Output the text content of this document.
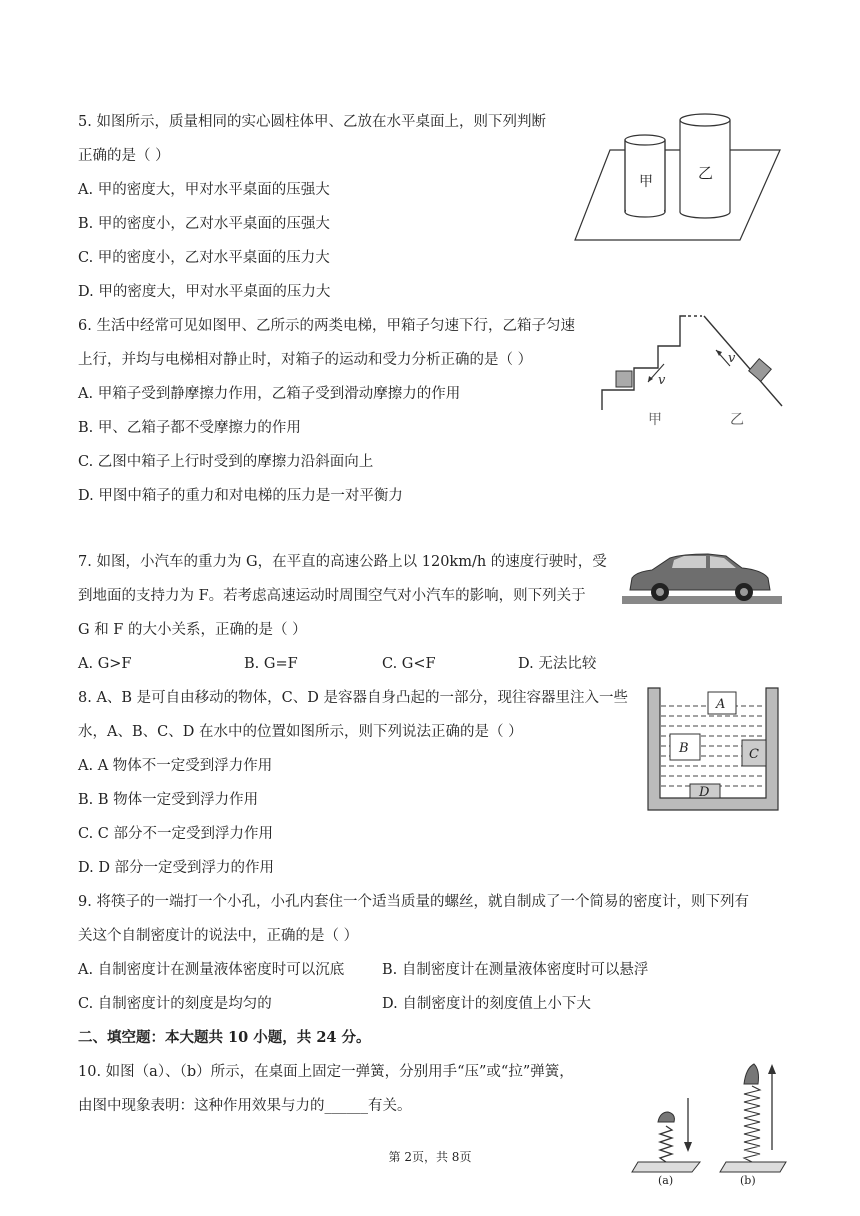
5. 如图所示，质量相同的实心圆柱体甲、乙放在水平桌面上，则下列判断
正确的是（ ）
A. 甲的密度大，甲对水平桌面的压强大
B. 甲的密度小，乙对水平桌面的压强大
C. 甲的密度小，乙对水平桌面的压力大
D. 甲的密度大，甲对水平桌面的压力大
甲	乙
6. 生活中经常可见如图甲、乙所示的两类电梯，甲箱子匀速下行，乙箱子匀速
上行，并均与电梯相对静止时，对箱子的运动和受力分析正确的是（ ）
A. 甲箱子受到静摩擦力作用，乙箱子受到滑动摩擦力的作用
B. 甲、乙箱子都不受摩擦力的作用
C. 乙图中箱子上行时受到的摩擦力沿斜面向上
D. 甲图中箱子的重力和对电梯的压力是一对平衡力
v
甲
v
乙
7. 如图，小汽车的重力为 G，在平直的高速公路上以 120km/h 的速度行驶时，受
到地面的支持力为 F。若考虑高速运动时周围空气对小汽车的影响，则下列关于
G 和 F 的大小关系，正确的是（ ）
A. G>F	B. G=F	C. G<F	D. 无法比较
8. A、B 是可自由移动的物体，C、D 是容器自身凸起的一部分，现往容器里注入一些
水，A、B、C、D 在水中的位置如图所示，则下列说法正确的是（ ）
A. A 物体不一定受到浮力作用
B. B 物体一定受到浮力作用
C. C 部分不一定受到浮力作用
D. D 部分一定受到浮力的作用
A
B	C
D
9. 将筷子的一端打一个小孔，小孔内套住一个适当质量的螺丝，就自制成了一个简易的密度计，则下列有
关这个自制密度计的说法中，正确的是（ ）
A. 自制密度计在测量液体密度时可以沉底	B. 自制密度计在测量液体密度时可以悬浮
C. 自制密度计的刻度是均匀的	D. 自制密度计的刻度值上小下大
二、填空题：本大题共 10 小题，共 24 分。
10. 如图（a）、（b）所示，在桌面上固定一弹簧，分别用手“压”或“拉”弹簧，
由图中现象表明：这种作用效果与力的______有关。
(a)	(b)
第 2页，共 8页
